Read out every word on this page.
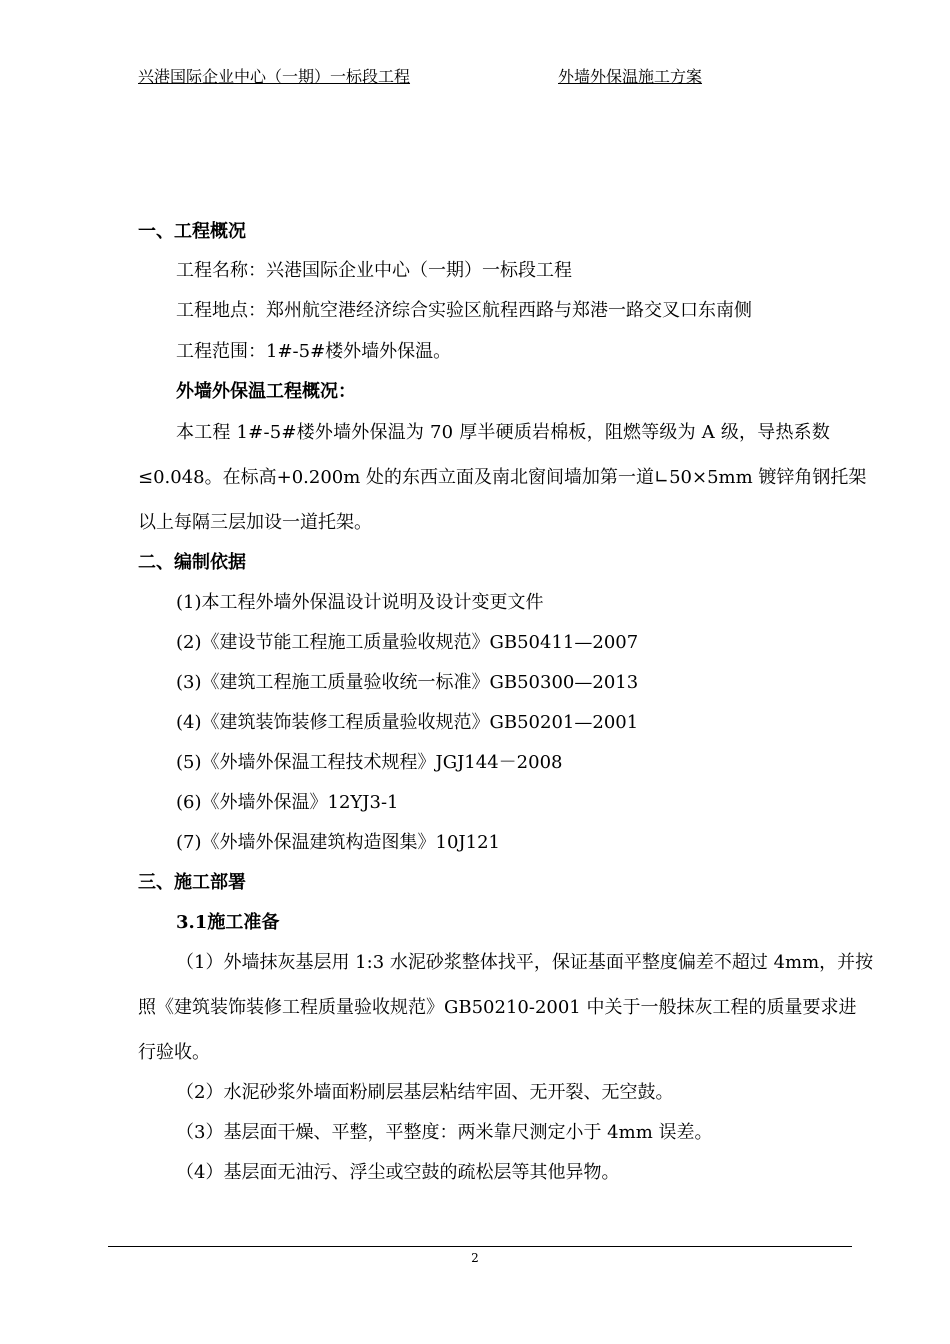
兴港国际企业中心（一期）一标段工程	外墙外保温施工方案
一、工程概况
工程名称：兴港国际企业中心（一期）一标段工程
工程地点：郑州航空港经济综合实验区航程西路与郑港一路交叉口东南侧
工程范围：1#-5#楼外墙外保温。
外墙外保温工程概况：
本工程 1#-5#楼外墙外保温为 70 厚半硬质岩棉板，阻燃等级为 A 级，导热系数
≤0.048。在标高+0.200m 处的东西立面及南北窗间墙加第一道∟50×5mm 镀锌角钢托架
以上每隔三层加设一道托架。
二、编制依据
(1)本工程外墙外保温设计说明及设计变更文件
(2)《建设节能工程施工质量验收规范》GB50411—2007
(3)《建筑工程施工质量验收统一标准》GB50300—2013
(4)《建筑装饰装修工程质量验收规范》GB50201—2001
(5)《外墙外保温工程技术规程》JGJ144－2008
(6)《外墙外保温》12YJ3-1
(7)《外墙外保温建筑构造图集》10J121
三、施工部署
3.1施工准备
（1）外墙抹灰基层用 1:3 水泥砂浆整体找平，保证基面平整度偏差不超过 4mm，并按
照《建筑装饰装修工程质量验收规范》GB50210-2001 中关于一般抹灰工程的质量要求进
行验收。
（2）水泥砂浆外墙面粉刷层基层粘结牢固、无开裂、无空鼓。
（3）基层面干燥、平整，平整度：两米靠尺测定小于 4mm 误差。
（4）基层面无油污、浮尘或空鼓的疏松层等其他异物。
2
